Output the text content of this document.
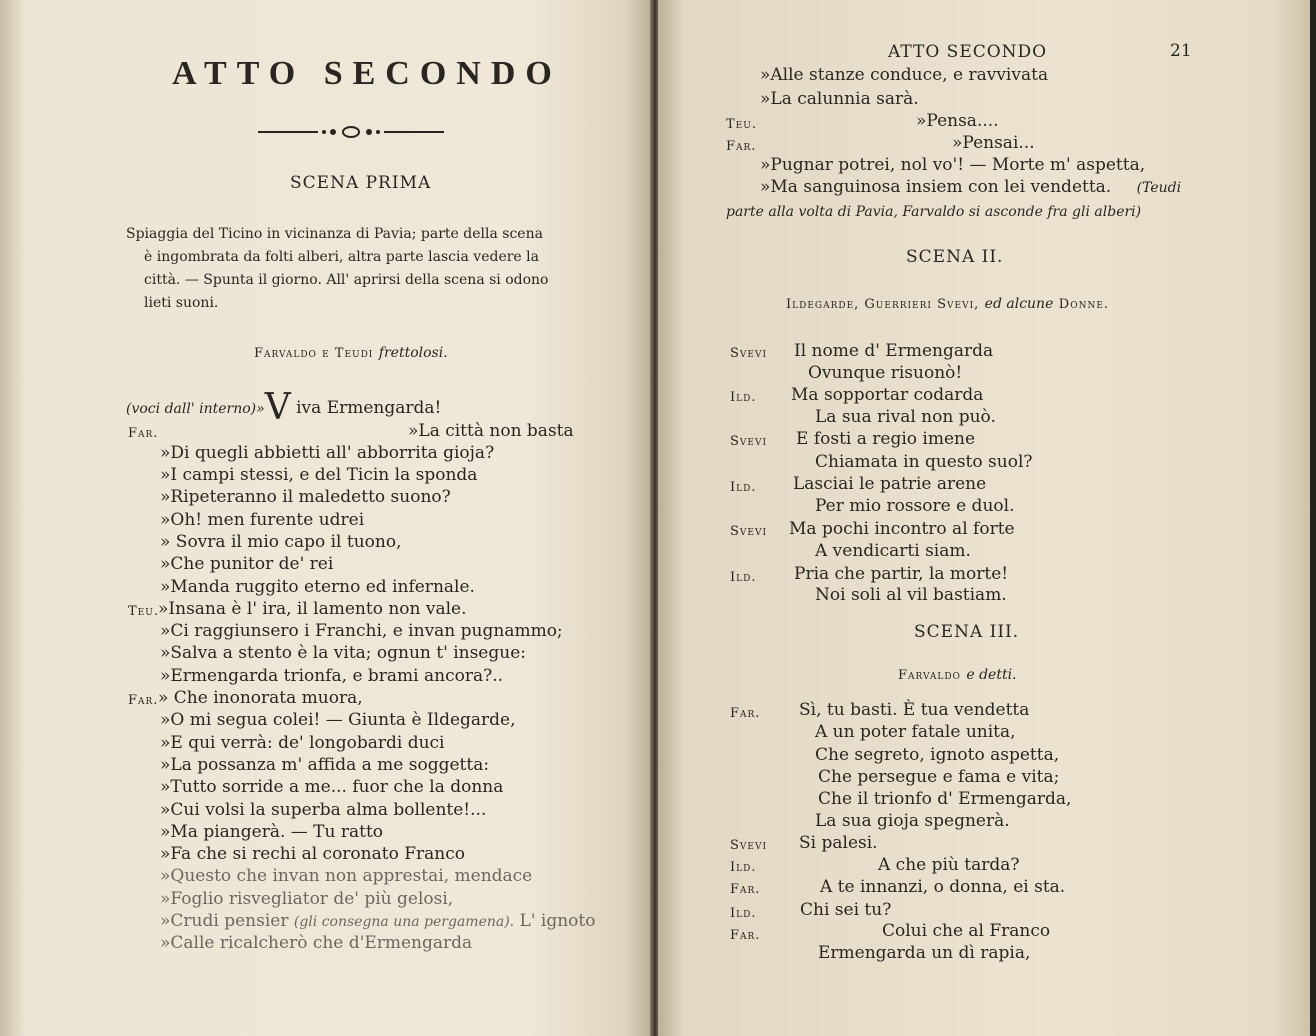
ATTO SECONDO
SCENA PRIMA
Spiaggia del Ticino in vicinanza di Pavia; parte della scena
è ingombrata da folti alberi, altra parte lascia vedere la
città. — Spunta il giorno. All' aprirsi della scena si odono
lieti suoni.
Farvaldo e Teudi frettolosi.
(voci dall' interno)»V iva Ermengarda!
Far.	»La città non basta
»Di quegli abbietti all' abborrita gioja?
»I campi stessi, e del Ticin la sponda
»Ripeteranno il maledetto suono?
»Oh! men furente udrei
» Sovra il mio capo il tuono,
»Che punitor de' rei
»Manda ruggito eterno ed infernale.
Teu. »Insana è l' ira, il lamento non vale.
»Ci raggiunsero i Franchi, e invan pugnammo;
»Salva a stento è la vita; ognun t' insegue:
»Ermengarda trionfa, e brami ancora?..
Far. » Che inonorata muora,
»O mi segua colei! — Giunta è Ildegarde,
»E qui verrà: de' longobardi duci
»La possanza m' affida a me soggetta:
»Tutto sorride a me... fuor che la donna
»Cui volsi la superba alma bollente!...
»Ma piangerà. — Tu ratto
»Fa che si rechi al coronato Franco
»Questo che invan non apprestai, mendace
»Foglio risvegliator de' più gelosi,
»Crudi pensier (gli consegna una pergamena). L' ignoto
»Calle ricalcherò che d'Ermengarda
ATTO SECONDO	21
»Alle stanze conduce, e ravvivata
»La calunnia sarà.
Teu.	»Pensa....
Far.	»Pensai...
»Pugnar potrei, nol vo'! — Morte m' aspetta,
»Ma sanguinosa insiem con lei vendetta. (Teudi
parte alla volta di Pavia, Farvaldo si asconde fra gli alberi)
SCENA II.
Ildegarde, Guerrieri Svevi, ed alcune Donne.
Svevi Il nome d' Ermengarda
Ovunque risuonò!
Ild. Ma sopportar codarda
La sua rival non può.
Svevi E fosti a regio imene
Chiamata in questo suol?
Ild. Lasciai le patrie arene
Per mio rossore e duol.
Svevi Ma pochi incontro al forte
A vendicarti siam.
Ild. Pria che partir, la morte!
Noi soli al vil bastiam.
SCENA III.
Farvaldo e detti.
Far. Sì, tu basti. È tua vendetta
A un poter fatale unita,
Che segreto, ignoto aspetta,
Che persegue e fama e vita;
Che il trionfo d' Ermengarda,
La sua gioja spegnerà.
Svevi Si palesi.
Ild.	A che più tarda?
Far.	A te innanzi, o donna, ei sta.
Ild.	Chi sei tu?
Far.	Colui che al Franco
Ermengarda un dì rapia,
